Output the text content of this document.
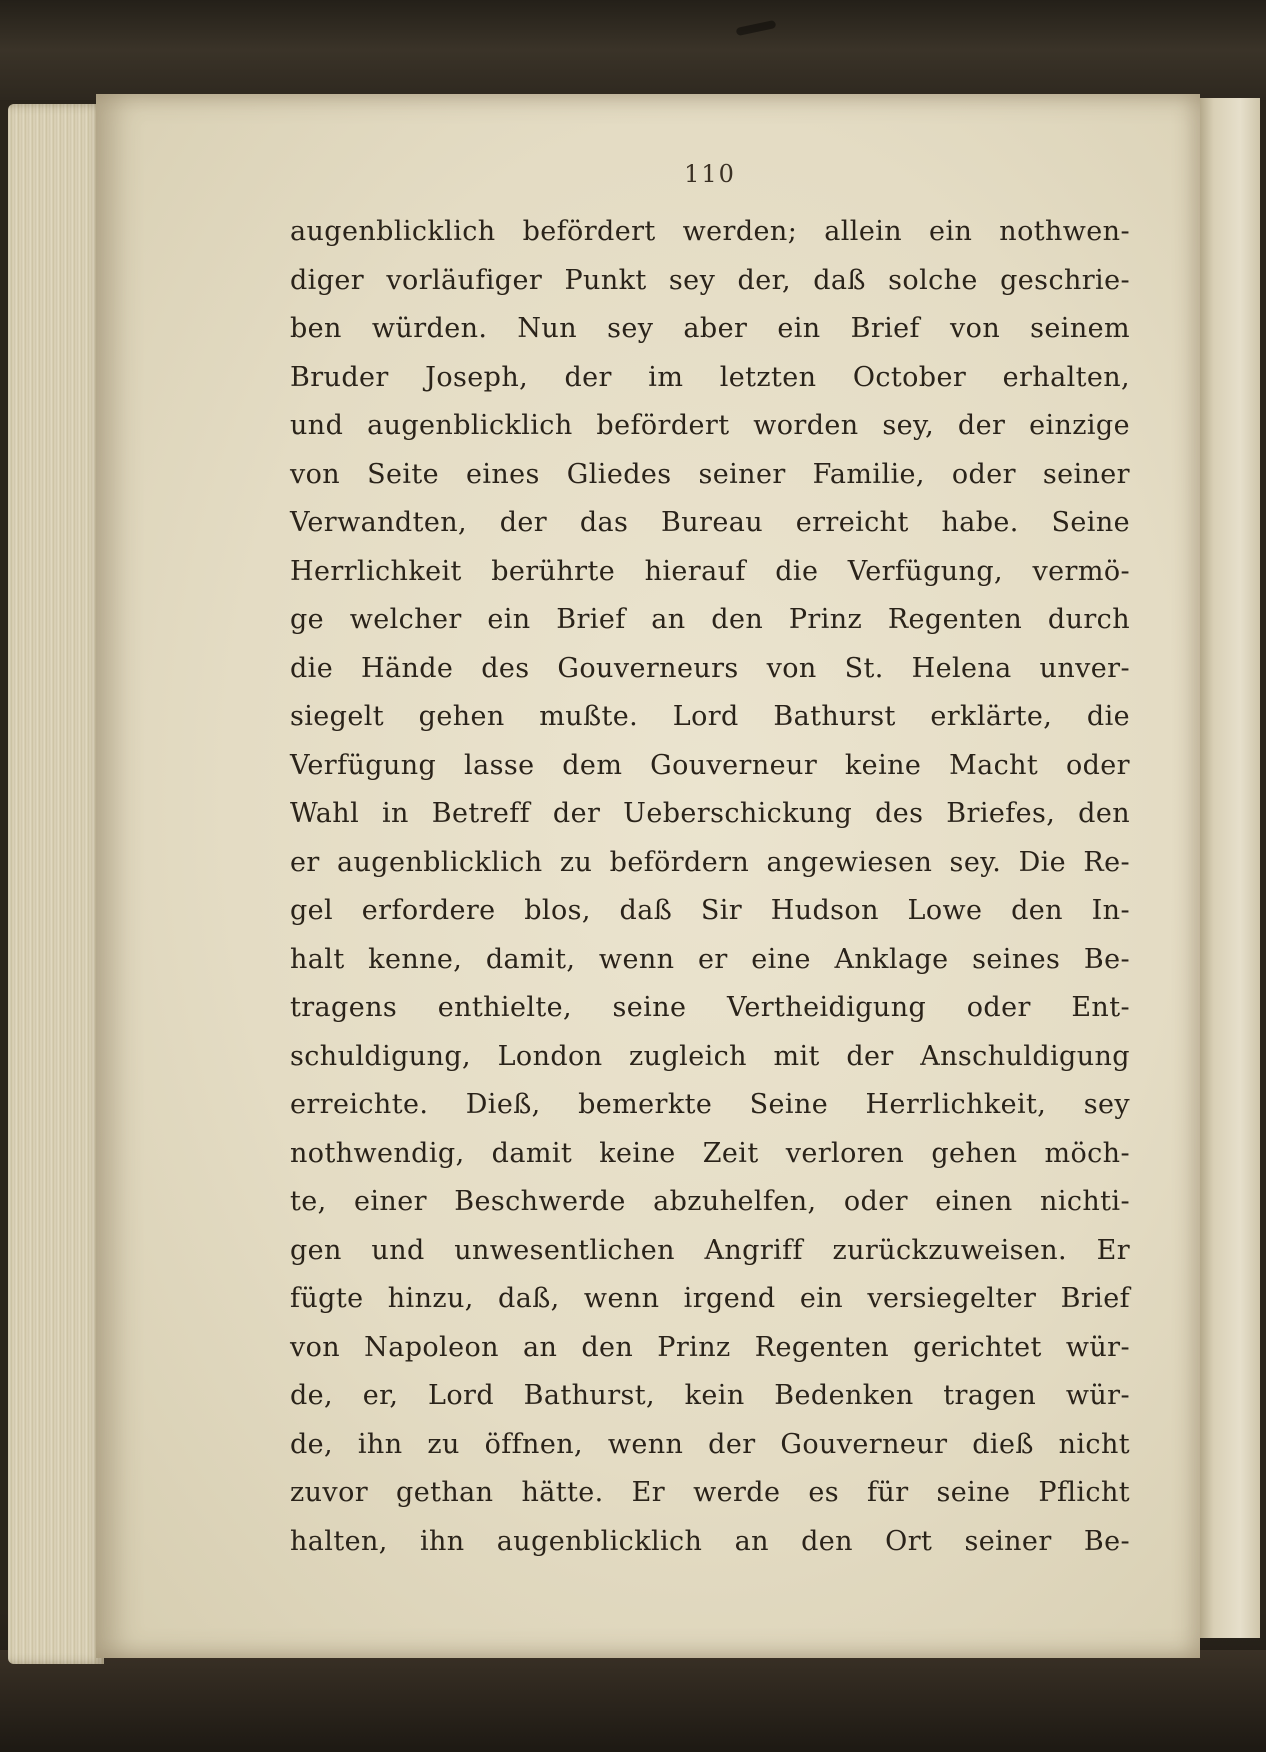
110
augenblicklich befördert werden; allein ein nothwen-
diger vorläufiger Punkt sey der, daß solche geschrie-
ben würden. Nun sey aber ein Brief von seinem
Bruder Joseph, der im letzten October erhalten,
und augenblicklich befördert worden sey, der einzige
von Seite eines Gliedes seiner Familie, oder seiner
Verwandten, der das Bureau erreicht habe. Seine
Herrlichkeit berührte hierauf die Verfügung, vermö-
ge welcher ein Brief an den Prinz Regenten durch
die Hände des Gouverneurs von St. Helena unver-
siegelt gehen mußte. Lord Bathurst erklärte, die
Verfügung lasse dem Gouverneur keine Macht oder
Wahl in Betreff der Ueberschickung des Briefes, den
er augenblicklich zu befördern angewiesen sey. Die Re-
gel erfordere blos, daß Sir Hudson Lowe den In-
halt kenne, damit, wenn er eine Anklage seines Be-
tragens enthielte, seine Vertheidigung oder Ent-
schuldigung, London zugleich mit der Anschuldigung
erreichte. Dieß, bemerkte Seine Herrlichkeit, sey
nothwendig, damit keine Zeit verloren gehen möch-
te, einer Beschwerde abzuhelfen, oder einen nichti-
gen und unwesentlichen Angriff zurückzuweisen. Er
fügte hinzu, daß, wenn irgend ein versiegelter Brief
von Napoleon an den Prinz Regenten gerichtet wür-
de, er, Lord Bathurst, kein Bedenken tragen wür-
de, ihn zu öffnen, wenn der Gouverneur dieß nicht
zuvor gethan hätte. Er werde es für seine Pflicht
halten, ihn augenblicklich an den Ort seiner Be-
